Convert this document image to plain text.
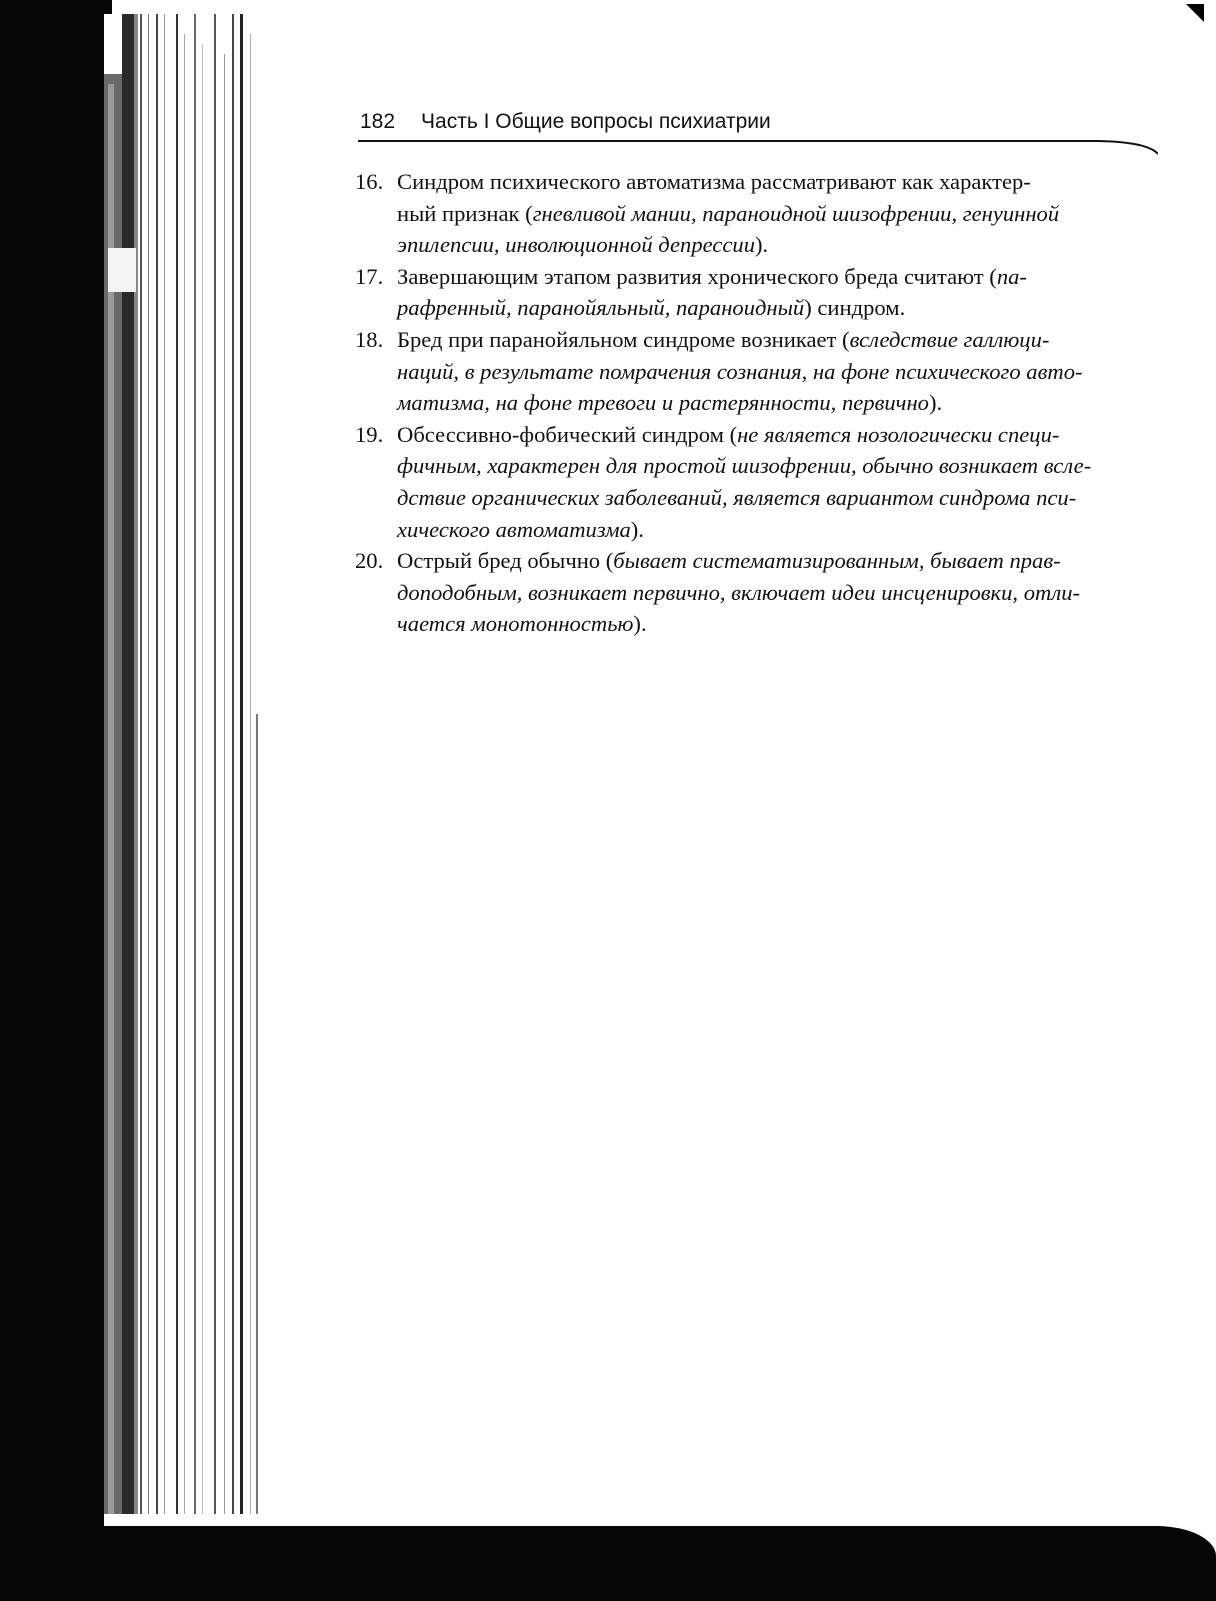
182 Часть I Общие вопросы психиатрии
16. Синдром психического автоматизма рассматривают как характер-
ный признак (гневливой мании, параноидной шизофрении, генуинной
эпилепсии, инволюционной депрессии).
17. Завершающим этапом развития хронического бреда считают (па-
рафренный, паранойяльный, параноидный) синдром.
18. Бред при паранойяльном синдроме возникает (вследствие галлюци-
наций, в результате помрачения сознания, на фоне психического авто-
матизма, на фоне тревоги и растерянности, первично).
19. Обсессивно-фобический синдром (не является нозологически специ-
фичным, характерен для простой шизофрении, обычно возникает всле-
дствие органических заболеваний, является вариантом синдрома пси-
хического автоматизма).
20. Острый бред обычно (бывает систематизированным, бывает прав-
доподобным, возникает первично, включает идеи инсценировки, отли-
чается монотонностью).
